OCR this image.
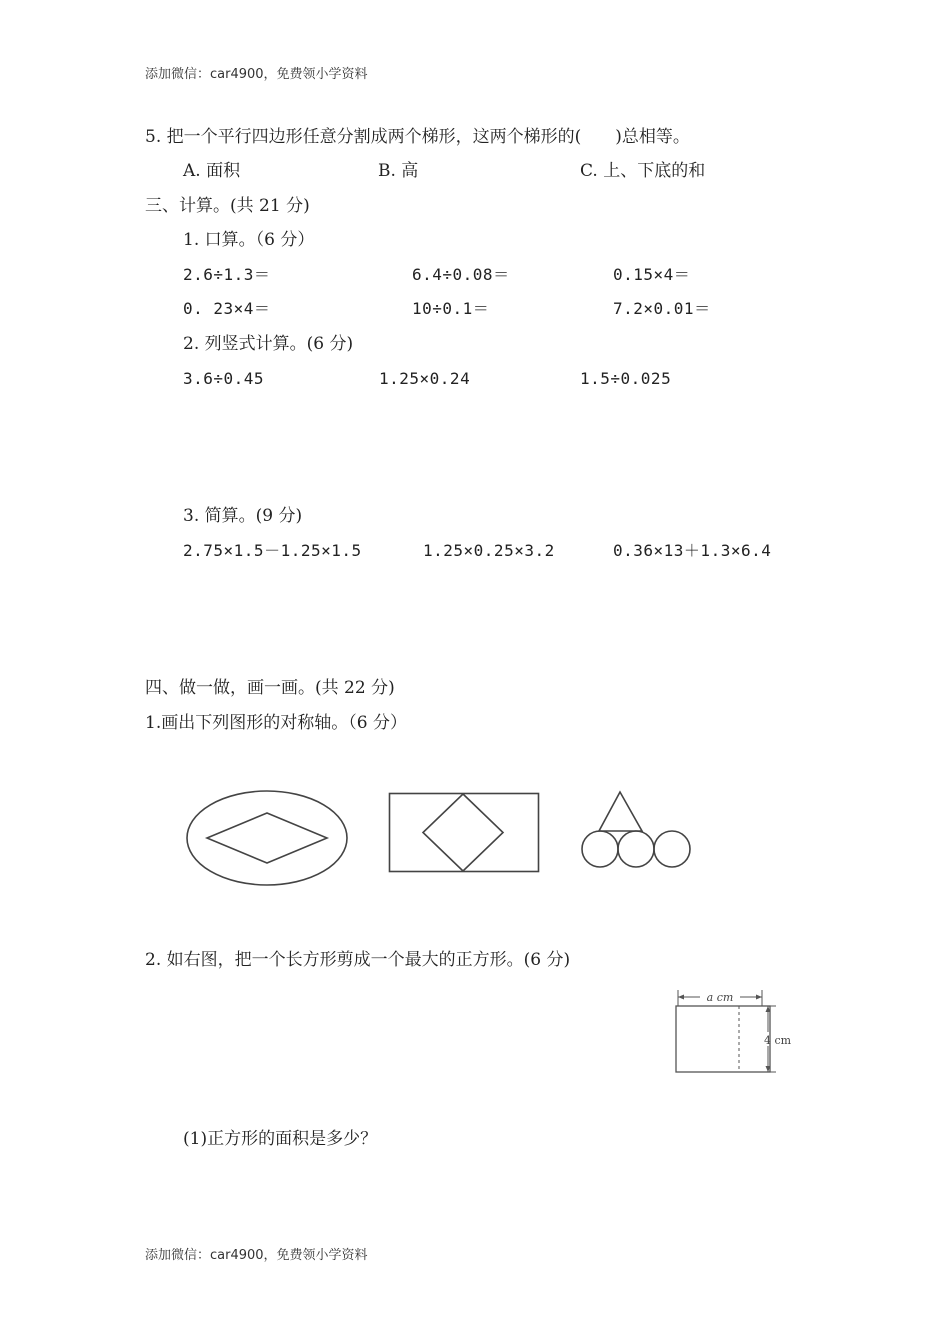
添加微信：car4900，免费领小学资料
5. 把一个平行四边形任意分割成两个梯形，这两个梯形的(　　)总相等。
A. 面积	B. 高	C. 上、下底的和
三、计算。(共 21 分)
1. 口算。（6 分）
2.6÷1.3＝	6.4÷0.08＝	0.15×4＝
0. 23×4＝	10÷0.1＝	7.2×0.01＝
2. 列竖式计算。(6 分)
3.6÷0.45	1.25×0.24	1.5÷0.025
3. 简算。(9 分)
2.75×1.5－1.25×1.5	1.25×0.25×3.2	0.36×13＋1.3×6.4
四、做一做，画一画。(共 22 分)
1.画出下列图形的对称轴。（6 分）
2. 如右图，把一个长方形剪成一个最大的正方形。(6 分)
a cm
4 cm
(1)正方形的面积是多少？
添加微信：car4900，免费领小学资料
